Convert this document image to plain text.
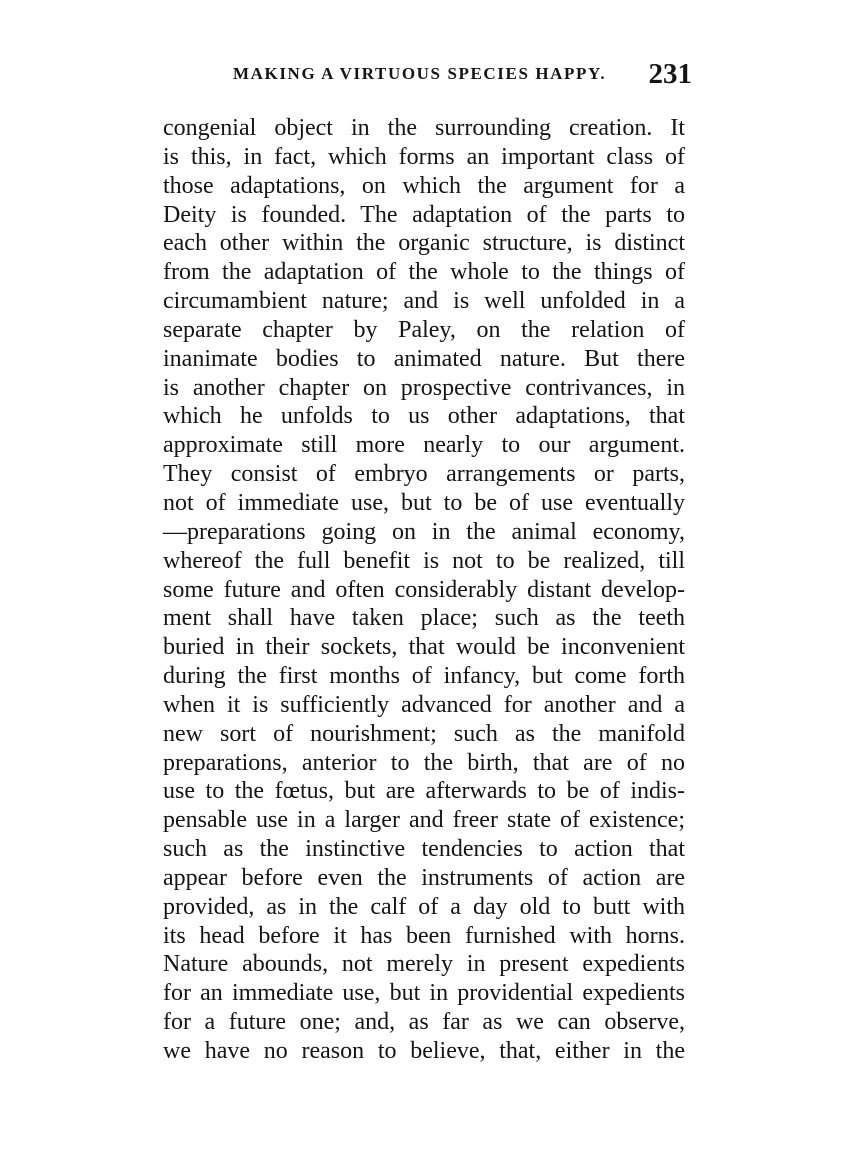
MAKING A VIRTUOUS SPECIES HAPPY.	231
congenial object in the surrounding creation. It
is this, in fact, which forms an important class of
those adaptations, on which the argument for a
Deity is founded. The adaptation of the parts to
each other within the organic structure, is distinct
from the adaptation of the whole to the things of
circumambient nature; and is well unfolded in a
separate chapter by Paley, on the relation of
inanimate bodies to animated nature. But there
is another chapter on prospective contrivances, in
which he unfolds to us other adaptations, that
approximate still more nearly to our argument.
They consist of embryo arrangements or parts,
not of immediate use, but to be of use eventually
—preparations going on in the animal economy,
whereof the full benefit is not to be realized, till
some future and often considerably distant develop-
ment shall have taken place; such as the teeth
buried in their sockets, that would be inconvenient
during the first months of infancy, but come forth
when it is sufficiently advanced for another and a
new sort of nourishment; such as the manifold
preparations, anterior to the birth, that are of no
use to the fœtus, but are afterwards to be of indis-
pensable use in a larger and freer state of existence;
such as the instinctive tendencies to action that
appear before even the instruments of action are
provided, as in the calf of a day old to butt with
its head before it has been furnished with horns.
Nature abounds, not merely in present expedients
for an immediate use, but in providential expedients
for a future one; and, as far as we can observe,
we have no reason to believe, that, either in the
